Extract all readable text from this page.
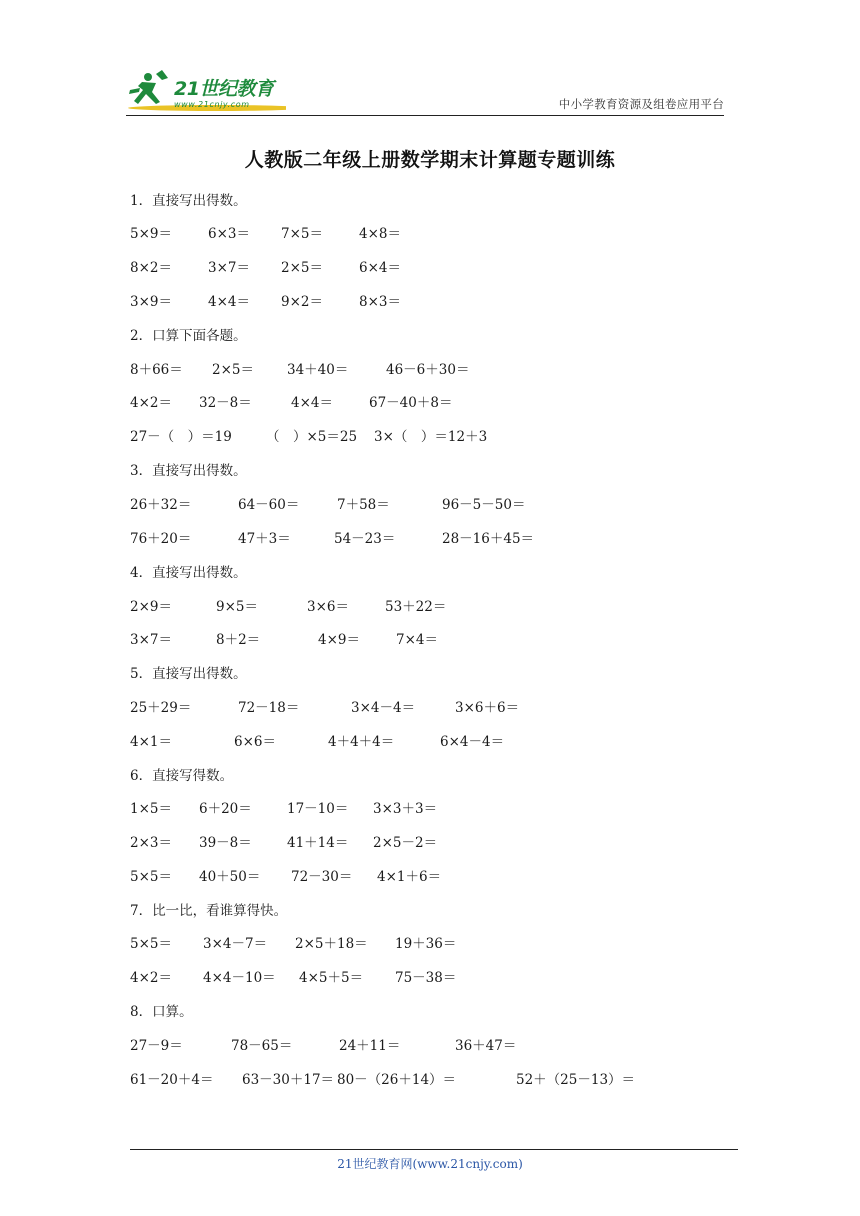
21世纪教育
www.21cnjy.com	中小学教育资源及组卷应用平台
人教版二年级上册数学期末计算题专题训练
1．直接写出得数。
5×9＝	6×3＝ 7×5＝	4×8＝
8×2＝	3×7＝ 2×5＝	6×4＝
3×9＝	4×4＝ 9×2＝	8×3＝
2．口算下面各题。
8＋66＝ 2×5＝ 34＋40＝	46－6＋30＝
4×2＝ 32－8＝	4×4＝	67－40＋8＝
27－（　）＝19	（　）×5＝25 3×（　）＝12＋3
3．直接写出得数。
26＋32＝	64－60＝	7＋58＝	96－5－50＝
76＋20＝	47＋3＝	54－23＝	28－16＋45＝
4．直接写出得数。
2×9＝	9×5＝	3×6＝	53＋22＝
3×7＝	8＋2＝	4×9＝	7×4＝
5．直接写出得数。
25＋29＝	72－18＝	3×4－4＝	3×6＋6＝
4×1＝	6×6＝	4＋4＋4＝	6×4－4＝
6．直接写得数。
1×5＝ 6＋20＝	17－10＝ 3×3＋3＝
2×3＝ 39－8＝	41＋14＝ 2×5－2＝
5×5＝ 40＋50＝ 72－30＝ 4×1＋6＝
7．比一比，看谁算得快。
5×5＝ 3×4－7＝ 2×5＋18＝ 19＋36＝
4×2＝ 4×4－10＝ 4×5＋5＝ 75－38＝
8．口算。
27－9＝	78－65＝	24＋11＝	36＋47＝
61－20＋4＝ 63－30＋17＝ 80－（26＋14）＝	52＋（25－13）＝
21世纪教育网(www.21cnjy.com)
